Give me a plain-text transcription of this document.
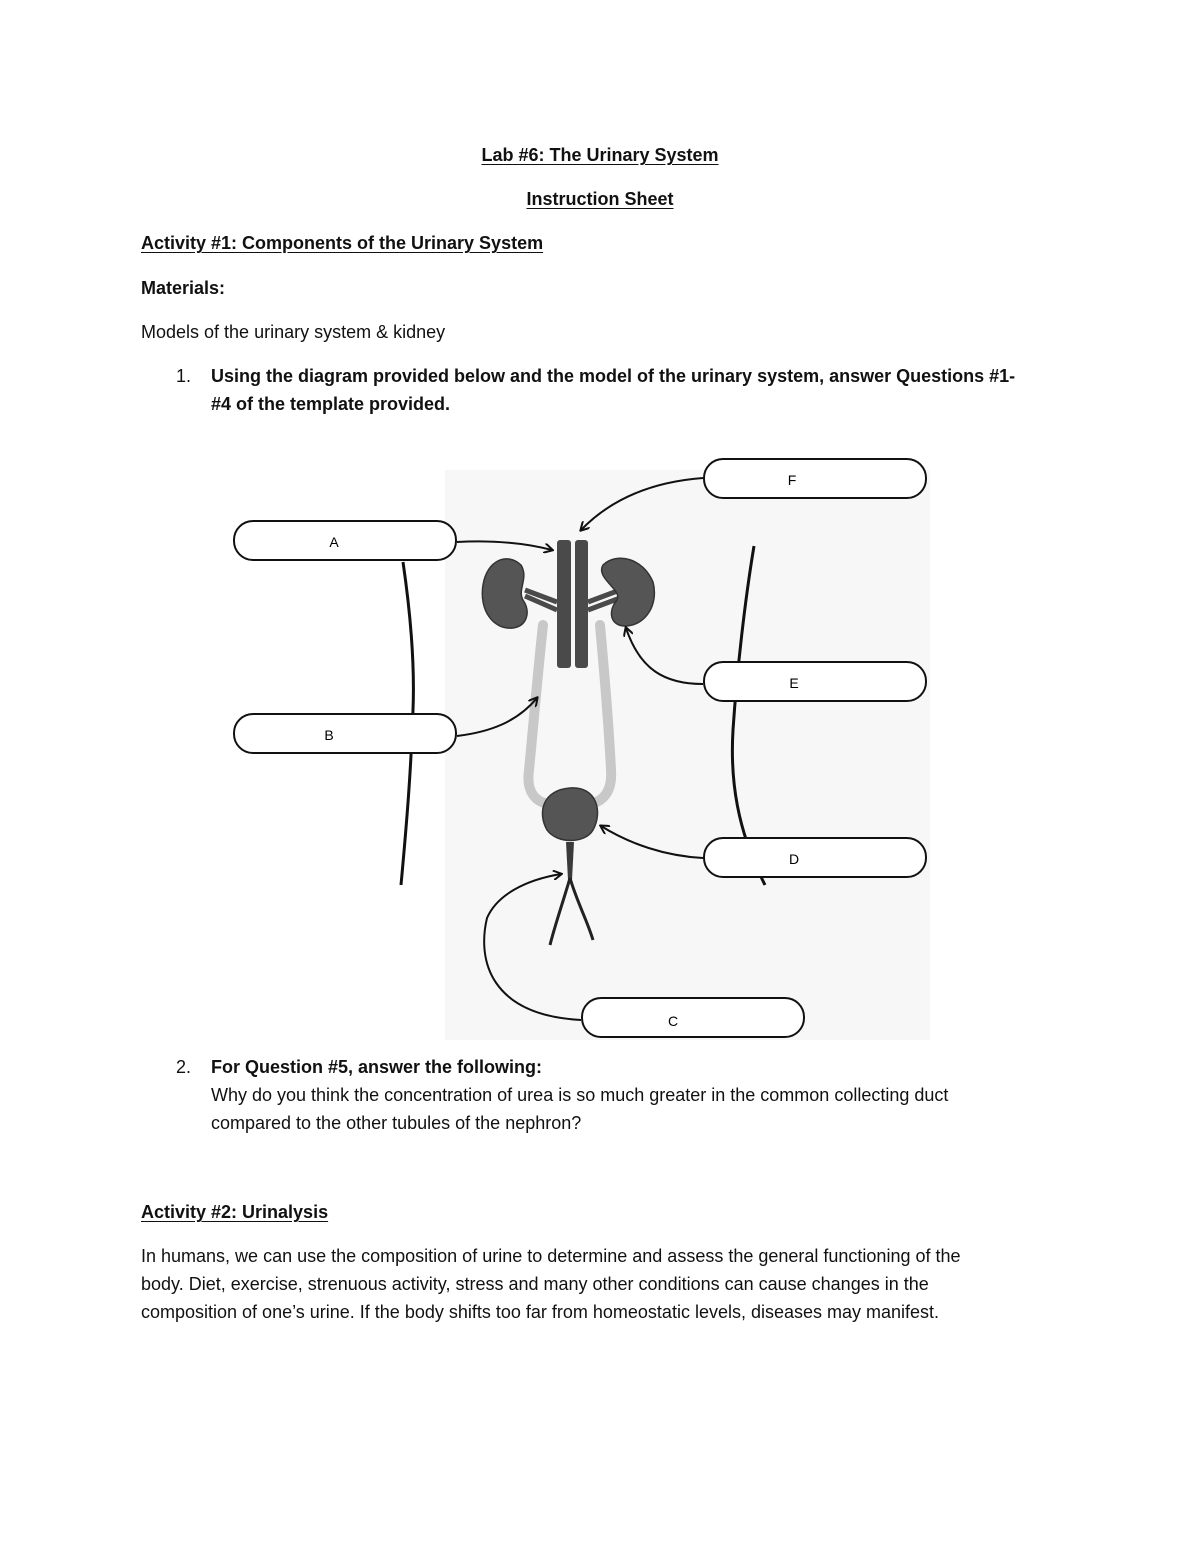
Lab #6: The Urinary System
Instruction Sheet
Activity #1: Components of the Urinary System
Materials:
Models of the urinary system & kidney
1. Using the diagram provided below and the model of the urinary system, answer Questions #1-
#4 of the template provided.
A
B
F
E
D
C
2. For Question #5, answer the following:
Why do you think the concentration of urea is so much greater in the common collecting duct
compared to the other tubules of the nephron?
Activity #2: Urinalysis
In humans, we can use the composition of urine to determine and assess the general functioning of the
body. Diet, exercise, strenuous activity, stress and many other conditions can cause changes in the
composition of one’s urine. If the body shifts too far from homeostatic levels, diseases may manifest.
